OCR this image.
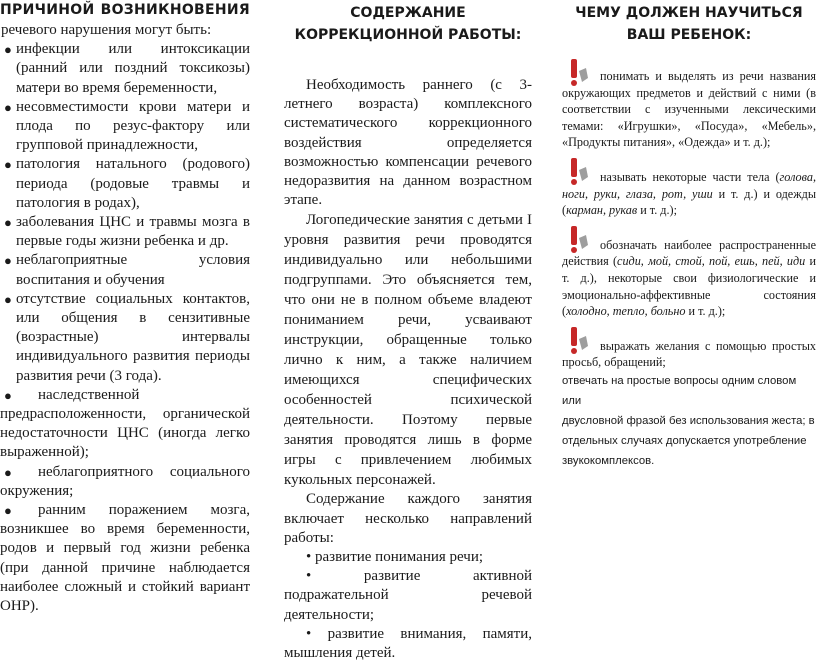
ПРИЧИНОЙ ВОЗНИКНОВЕНИЯ
речевого нарушения могут быть:
● инфекции или интоксикации (ранний или поздний токсикозы) матери во время беременности,
● несовместимости крови матери и плода по резус-фактору или групповой принадлежности,
● патология натального (родового) периода (родовые травмы и патология в родах),
● заболевания ЦНС и травмы мозга в первые годы жизни ребенка и др.
● неблагоприятные условия воспитания и обучения
● отсутствие социальных контактов, или общения в сензитивные (возрастные) интервалы индивидуального развития периоды развития речи (3 года).
● наследственной предрасположенности, органической недостаточности ЦНС (иногда легко выраженной);
● неблагоприятного социального окружения;
● ранним поражением мозга, возникшее во время беременности, родов и первый год жизни ребенка (при данной причине наблюдается наиболее сложный и стойкий вариант ОНР).
СОДЕРЖАНИЕ КОРРЕКЦИОННОЙ РАБОТЫ:

Необходимость раннего (с 3-летнего возраста) комплексного систематического коррекционного воздействия определяется возможностью компенсации речевого недоразвития на данном возрастном этапе.

Логопедические занятия с детьми I уровня развития речи проводятся индивидуально или небольшими подгруппами. Это объясняется тем, что они не в полном объеме владеют пониманием речи, усваивают инструкции, обращенные только лично к ним, а также наличием имеющихся специфических особенностей психической деятельности. Поэтому первые занятия проводятся лишь в форме игры с привлечением любимых кукольных персонажей.

Содержание каждого занятия включает несколько направлений работы:

• развитие понимания речи;

• развитие активной подражательной речевой деятельности;

• развитие внимания, памяти, мышления детей.

ЧЕМУ ДОЛЖЕН НАУЧИТЬСЯ ВАШ РЕБЕНОК:

понимать и выделять из речи названия окружающих предметов и действий с ними (в соответствии с изученными лексическими темами: «Игрушки», «Посуда», «Мебель», «Продукты питания», «Одежда» и т. д.);

называть некоторые части тела (голова, ноги, руки, глаза, рот, уши и т. д.) и одежды (карман, рукав и т. д.);

обозначать наиболее распространенные действия (сиди, мой, стой, пой, ешь, пей, иди и т. д.), некоторые свои физиологические и эмоционально-аффективные состояния (холодно, тепло, больно и т. д.);

выражать желания с помощью простых просьб, обращений;

отвечать на простые вопросы одним словом или

двусловной фразой без использования жеста; в

отдельных случаях допускается употребление

звукокомплексов.
